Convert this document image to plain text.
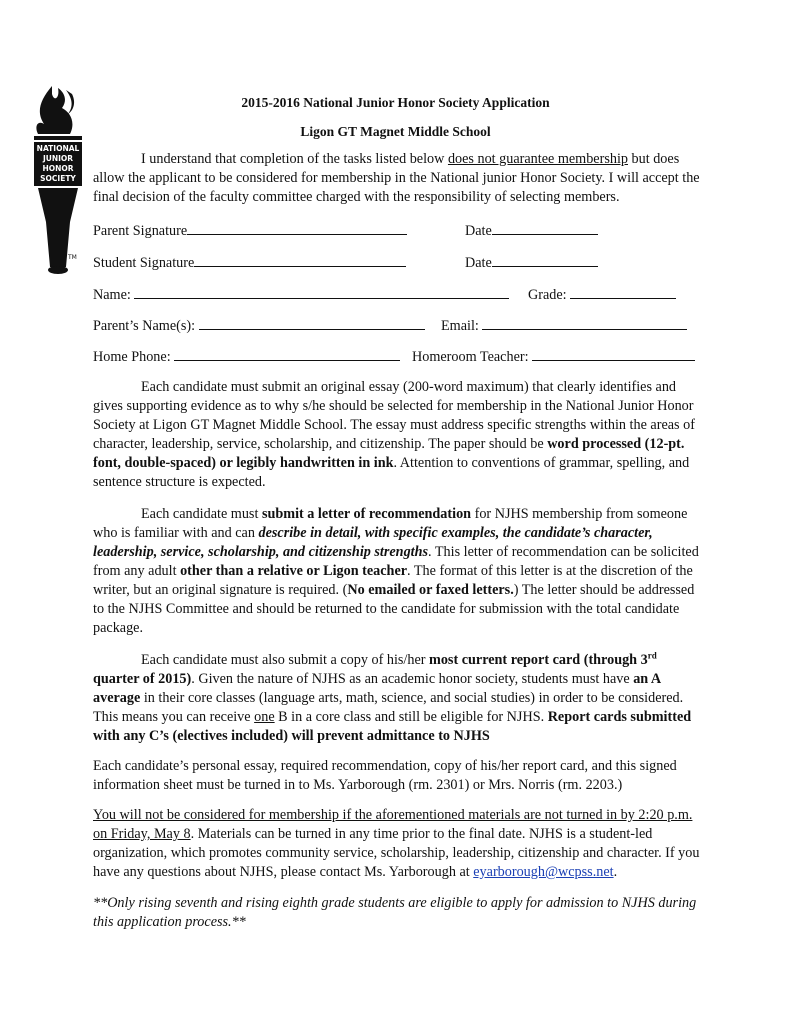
NATIONAL
JUNIOR
HONOR
SOCIETY
TM
2015-2016 National Junior Honor Society Application
Ligon GT Magnet Middle School

I understand that completion of the tasks listed below does not guarantee membership but does allow the applicant to be considered for membership in the National junior Honor Society. I will accept the final decision of the faculty committee charged with the responsibility of selecting members.

Parent Signature	Date
Student Signature	Date
Name:	Grade:
Parent’s Name(s):	Email:
Home Phone:	Homeroom Teacher:

Each candidate must submit an original essay (200-word maximum) that clearly identifies and gives supporting evidence as to why s/he should be selected for membership in the National Junior Honor Society at Ligon GT Magnet Middle School. The essay must address specific strengths within the areas of character, leadership, service, scholarship, and citizenship. The paper should be word processed (12-pt. font, double-spaced) or legibly handwritten in ink. Attention to conventions of grammar, spelling, and sentence structure is expected.

Each candidate must submit a letter of recommendation for NJHS membership from someone who is familiar with and can describe in detail, with specific examples, the candidate’s character, leadership, service, scholarship, and citizenship strengths. This letter of recommendation can be solicited from any adult other than a relative or Ligon teacher. The format of this letter is at the discretion of the writer, but an original signature is required. (No emailed or faxed letters.) The letter should be addressed to the NJHS Committee and should be returned to the candidate for submission with the total candidate package.

Each candidate must also submit a copy of his/her most current report card (through 3rd quarter of 2015). Given the nature of NJHS as an academic honor society, students must have an A average in their core classes (language arts, math, science, and social studies) in order to be considered. This means you can receive one B in a core class and still be eligible for NJHS. Report cards submitted with any C’s (electives included) will prevent admittance to NJHS

Each candidate’s personal essay, required recommendation, copy of his/her report card, and this signed information sheet must be turned in to Ms. Yarborough (rm. 2301) or Mrs. Norris (rm. 2203.)

You will not be considered for membership if the aforementioned materials are not turned in by 2:20 p.m. on Friday, May 8. Materials can be turned in any time prior to the final date. NJHS is a student-led organization, which promotes community service, scholarship, leadership, citizenship and character. If you have any questions about NJHS, please contact Ms. Yarborough at eyarborough@wcpss.net.

**Only rising seventh and rising eighth grade students are eligible to apply for admission to NJHS during this application process.**
